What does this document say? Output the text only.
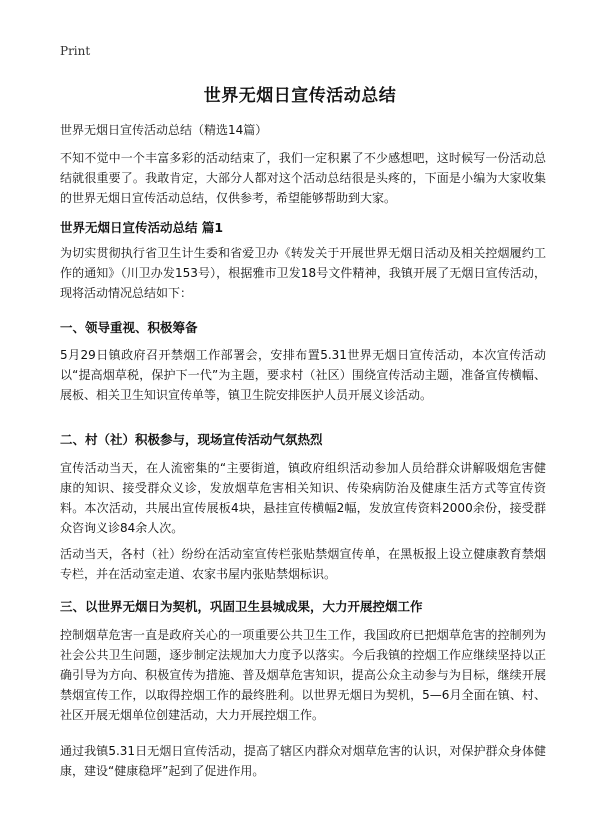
Print
世界无烟日宣传活动总结
世界无烟日宣传活动总结（精选14篇）
不知不觉中一个丰富多彩的活动结束了，我们一定积累了不少感想吧，这时候写一份活动总结就很重要了。我敢肯定，大部分人都对这个活动总结很是头疼的，下面是小编为大家收集的世界无烟日宣传活动总结，仅供参考，希望能够帮助到大家。
世界无烟日宣传活动总结 篇1
为切实贯彻执行省卫生计生委和省爱卫办《转发关于开展世界无烟日活动及相关控烟履约工作的通知》（川卫办发153号），根据雅市卫发18号文件精神，我镇开展了无烟日宣传活动，现将活动情况总结如下：
一、领导重视、积极筹备
5月29日镇政府召开禁烟工作部署会，安排布置5.31世界无烟日宣传活动，本次宣传活动以“提高烟草税，保护下一代”为主题，要求村（社区）围绕宣传活动主题，准备宣传横幅、展板、相关卫生知识宣传单等，镇卫生院安排医护人员开展义诊活动。
二、村（社）积极参与，现场宣传活动气氛热烈
宣传活动当天，在人流密集的“主要街道，镇政府组织活动参加人员给群众讲解吸烟危害健康的知识、接受群众义诊，发放烟草危害相关知识、传染病防治及健康生活方式等宣传资料。本次活动，共展出宣传展板4块，悬挂宣传横幅2幅，发放宣传资料2000余份，接受群众咨询义诊84余人次。
活动当天，各村（社）纷纷在活动室宣传栏张贴禁烟宣传单，在黑板报上设立健康教育禁烟专栏，并在活动室走道、农家书屋内张贴禁烟标识。
三、以世界无烟日为契机，巩固卫生县城成果，大力开展控烟工作
控制烟草危害一直是政府关心的一项重要公共卫生工作，我国政府已把烟草危害的控制列为社会公共卫生问题，逐步制定法规加大力度予以落实。今后我镇的控烟工作应继续坚持以正确引导为方向、积极宣传为措施、普及烟草危害知识，提高公众主动参与为目标，继续开展禁烟宣传工作，以取得控烟工作的最终胜利。以世界无烟日为契机，5—6月全面在镇、村、社区开展无烟单位创建活动，大力开展控烟工作。
通过我镇5.31日无烟日宣传活动，提高了辖区内群众对烟草危害的认识，对保护群众身体健康，建设“健康稳坪”起到了促进作用。
